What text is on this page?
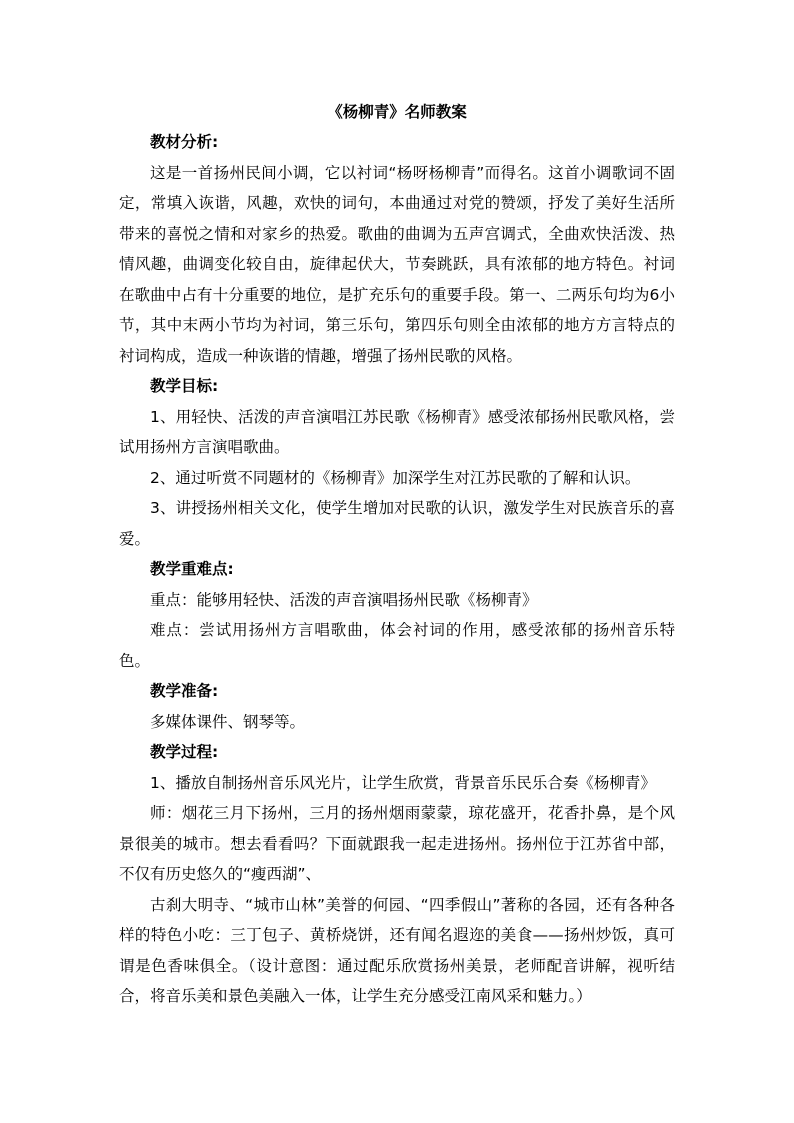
《杨柳青》名师教案

教材分析:

这是一首扬州民间小调，它以衬词“杨呀杨柳青”而得名。这首小调歌词不固定，常填入诙谐，风趣，欢快的词句，本曲通过对党的赞颂，抒发了美好生活所带来的喜悦之情和对家乡的热爱。歌曲的曲调为五声宫调式，全曲欢快活泼、热情风趣，曲调变化较自由，旋律起伏大，节奏跳跃，具有浓郁的地方特色。衬词在歌曲中占有十分重要的地位，是扩充乐句的重要手段。第一、二两乐句均为6小节，其中末两小节均为衬词，第三乐句，第四乐句则全由浓郁的地方方言特点的衬词构成，造成一种诙谐的情趣，增强了扬州民歌的风格。

教学目标:

1、用轻快、活泼的声音演唱江苏民歌《杨柳青》感受浓郁扬州民歌风格，尝试用扬州方言演唱歌曲。

2、通过听赏不同题材的《杨柳青》加深学生对江苏民歌的了解和认识。

3、讲授扬州相关文化，使学生增加对民歌的认识，激发学生对民族音乐的喜爱。

教学重难点:

重点：能够用轻快、活泼的声音演唱扬州民歌《杨柳青》

难点：尝试用扬州方言唱歌曲，体会衬词的作用，感受浓郁的扬州音乐特色。

教学准备:

多媒体课件、钢琴等。

教学过程:

1、播放自制扬州音乐风光片，让学生欣赏，背景音乐民乐合奏《杨柳青》

师：烟花三月下扬州，三月的扬州烟雨蒙蒙，琼花盛开，花香扑鼻，是个风景很美的城市。想去看看吗？下面就跟我一起走进扬州。扬州位于江苏省中部，不仅有历史悠久的“瘦西湖”、

古刹大明寺、“城市山林”美誉的何园、“四季假山”著称的各园，还有各种各样的特色小吃：三丁包子、黄桥烧饼，还有闻名遐迩的美食——扬州炒饭，真可谓是色香味俱全。（设计意图：通过配乐欣赏扬州美景，老师配音讲解，视听结合，将音乐美和景色美融入一体，让学生充分感受江南风采和魅力。）
